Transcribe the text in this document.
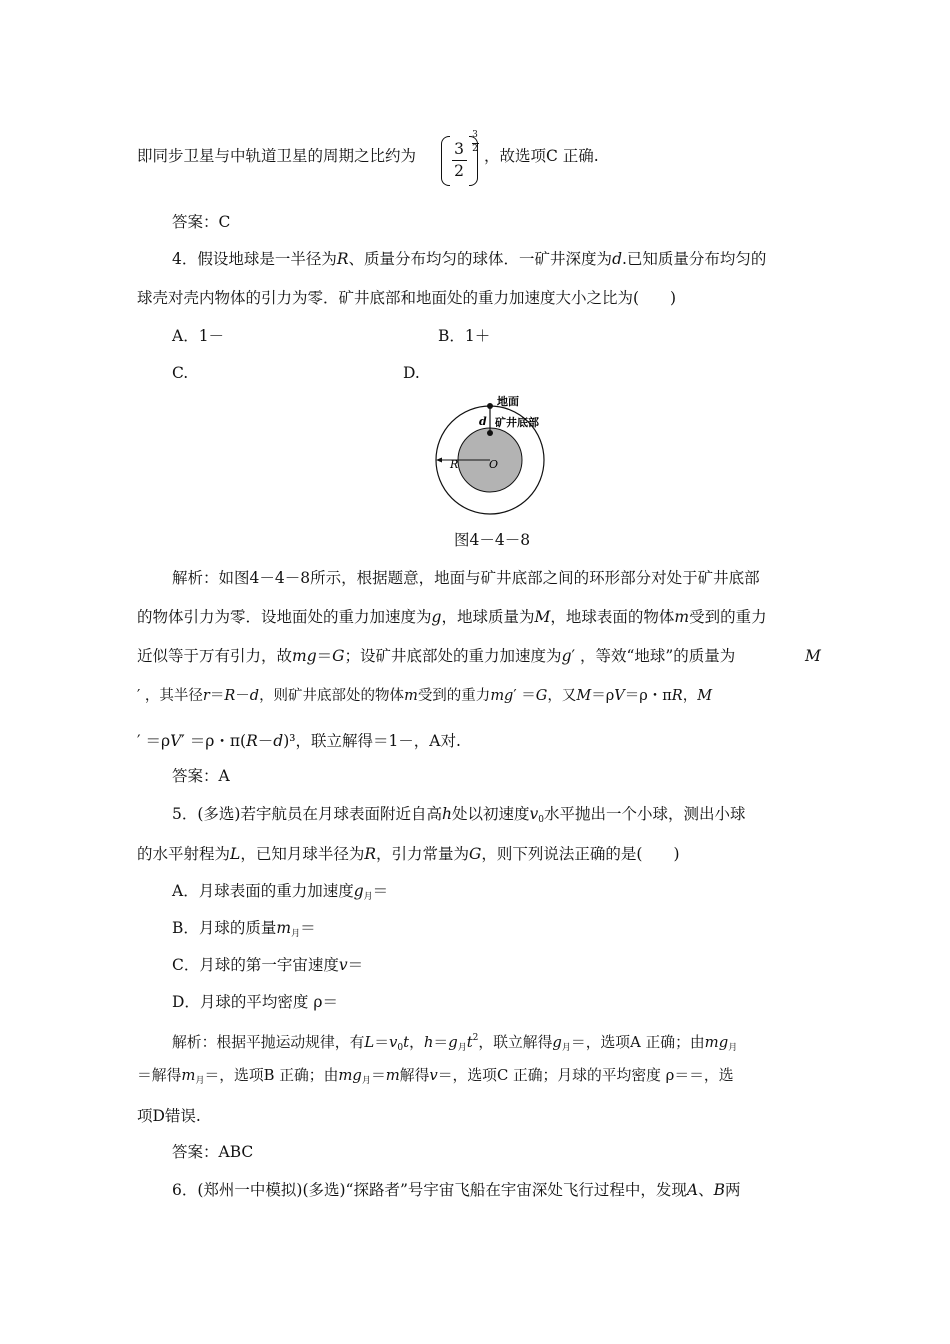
即同步卫星与中轨道卫星的周期之比约为 3
2
3
2 ，故选项C 正确.
答案：C
4．假设地球是一半径为R、质量分布均匀的球体．一矿井深度为d.已知质量分布均匀的
球壳对壳内物体的引力为零．矿井底部和地面处的重力加速度大小之比为(　　)
A．1－	B．1＋
C.	D.
地面
矿井底部
d
R	O
图4－4－8
解析：如图4－4－8所示，根据题意，地面与矿井底部之间的环形部分对处于矿井底部
的物体引力为零．设地面处的重力加速度为g，地球质量为M，地球表面的物体m受到的重力
近似等于万有引力，故mg＝G；设矿井底部处的重力加速度为g′ ，等效“地球”的质量为	M
′ ，其半径r＝R－d，则矿井底部处的物体m受到的重力mg′ ＝G，又M＝ρV＝ρ・πR，M
′ ＝ρV′ ＝ρ・π(R－d)³，联立解得＝1－，A对.
答案：A
5．(多选)若宇航员在月球表面附近自高h处以初速度$v_0$水平抛出一个小球，测出小球
的水平射程为L，已知月球半径为R，引力常量为G，则下列说法正确的是(　　)
A．月球表面的重力加速度$g_月=$
B．月球的质量$m_月=$
C．月球的第一宇宙速度v＝
D．月球的平均密度 ρ＝
解析：根据平抛运动规律，有$L=v_0t$，$h=g_月t^2$，联立解得$g_月=$，选项A 正确；由$mg_月$
＝解得$m_月=$，选项B 正确；由$mg_月=m$解得v＝，选项C 正确；月球的平均密度 ρ＝＝，选
项D错误.
答案：ABC
6．(郑州一中模拟)(多选)“探路者”号宇宙飞船在宇宙深处飞行过程中，发现A、B两
